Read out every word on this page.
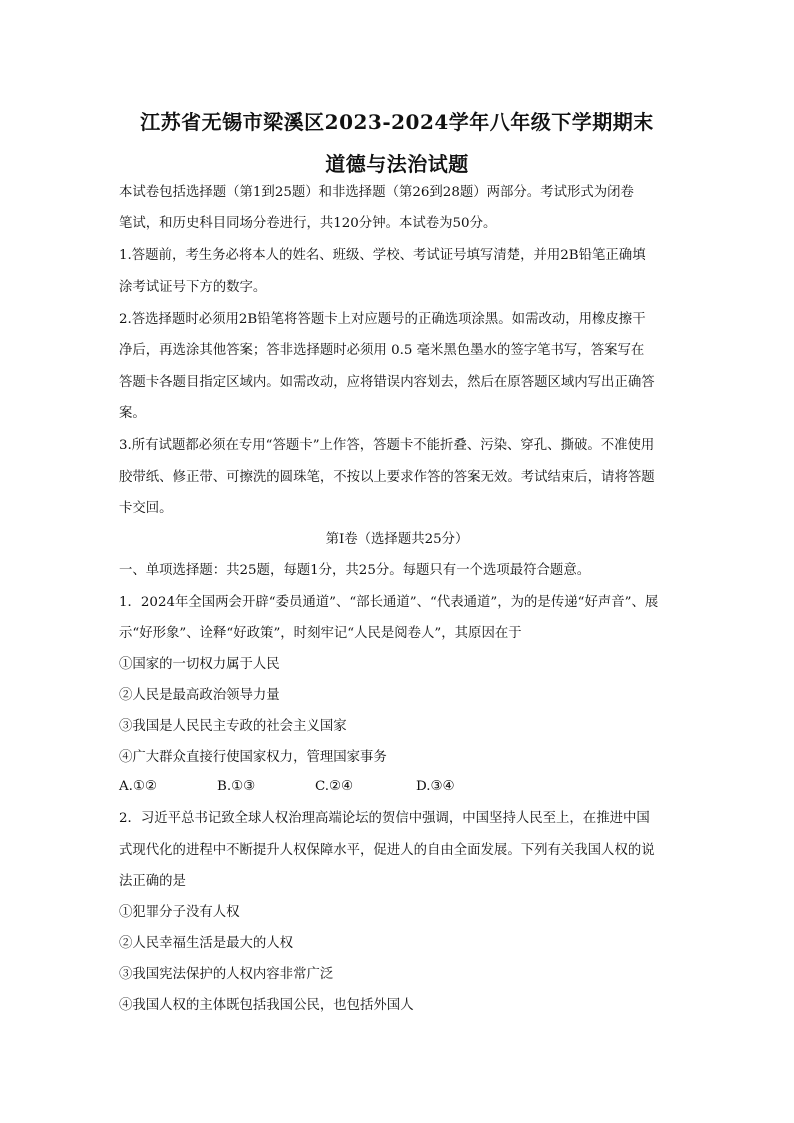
江苏省无锡市梁溪区2023-2024学年八年级下学期期末
道德与法治试题
本试卷包括选择题（第1到25题）和非选择题（第26到28题）两部分。考试形式为闭卷
笔试，和历史科目同场分卷进行，共120分钟。本试卷为50分。
1.答题前，考生务必将本人的姓名、班级、学校、考试证号填写清楚，并用2B铅笔正确填
涂考试证号下方的数字。
2.答选择题时必须用2B铅笔将答题卡上对应题号的正确选项涂黑。如需改动，用橡皮擦干
净后，再选涂其他答案；答非选择题时必须用 0.5 毫米黑色墨水的签字笔书写，答案写在
答题卡各题目指定区域内。如需改动，应将错误内容划去，然后在原答题区域内写出正确答
案。
3.所有试题都必须在专用“答题卡”上作答，答题卡不能折叠、污染、穿孔、撕破。不准使用
胶带纸、修正带、可擦洗的圆珠笔，不按以上要求作答的答案无效。考试结束后，请将答题
卡交回。
第Ⅰ卷（选择题共25分）
一、单项选择题：共25题，每题1分，共25分。每题只有一个选项最符合题意。
1．2024年全国两会开辟“委员通道”、“部长通道”、“代表通道”，为的是传递“好声音”、展
示“好形象”、诠释“好政策”，时刻牢记“人民是阅卷人”，其原因在于
①国家的一切权力属于人民
②人民是最高政治领导力量
③我国是人民民主专政的社会主义国家
④广大群众直接行使国家权力，管理国家事务
A.①②	B.①③	C.②④	D.③④
2．习近平总书记致全球人权治理高端论坛的贺信中强调，中国坚持人民至上，在推进中国
式现代化的进程中不断提升人权保障水平，促进人的自由全面发展。下列有关我国人权的说
法正确的是
①犯罪分子没有人权
②人民幸福生活是最大的人权
③我国宪法保护的人权内容非常广泛
④我国人权的主体既包括我国公民，也包括外国人
